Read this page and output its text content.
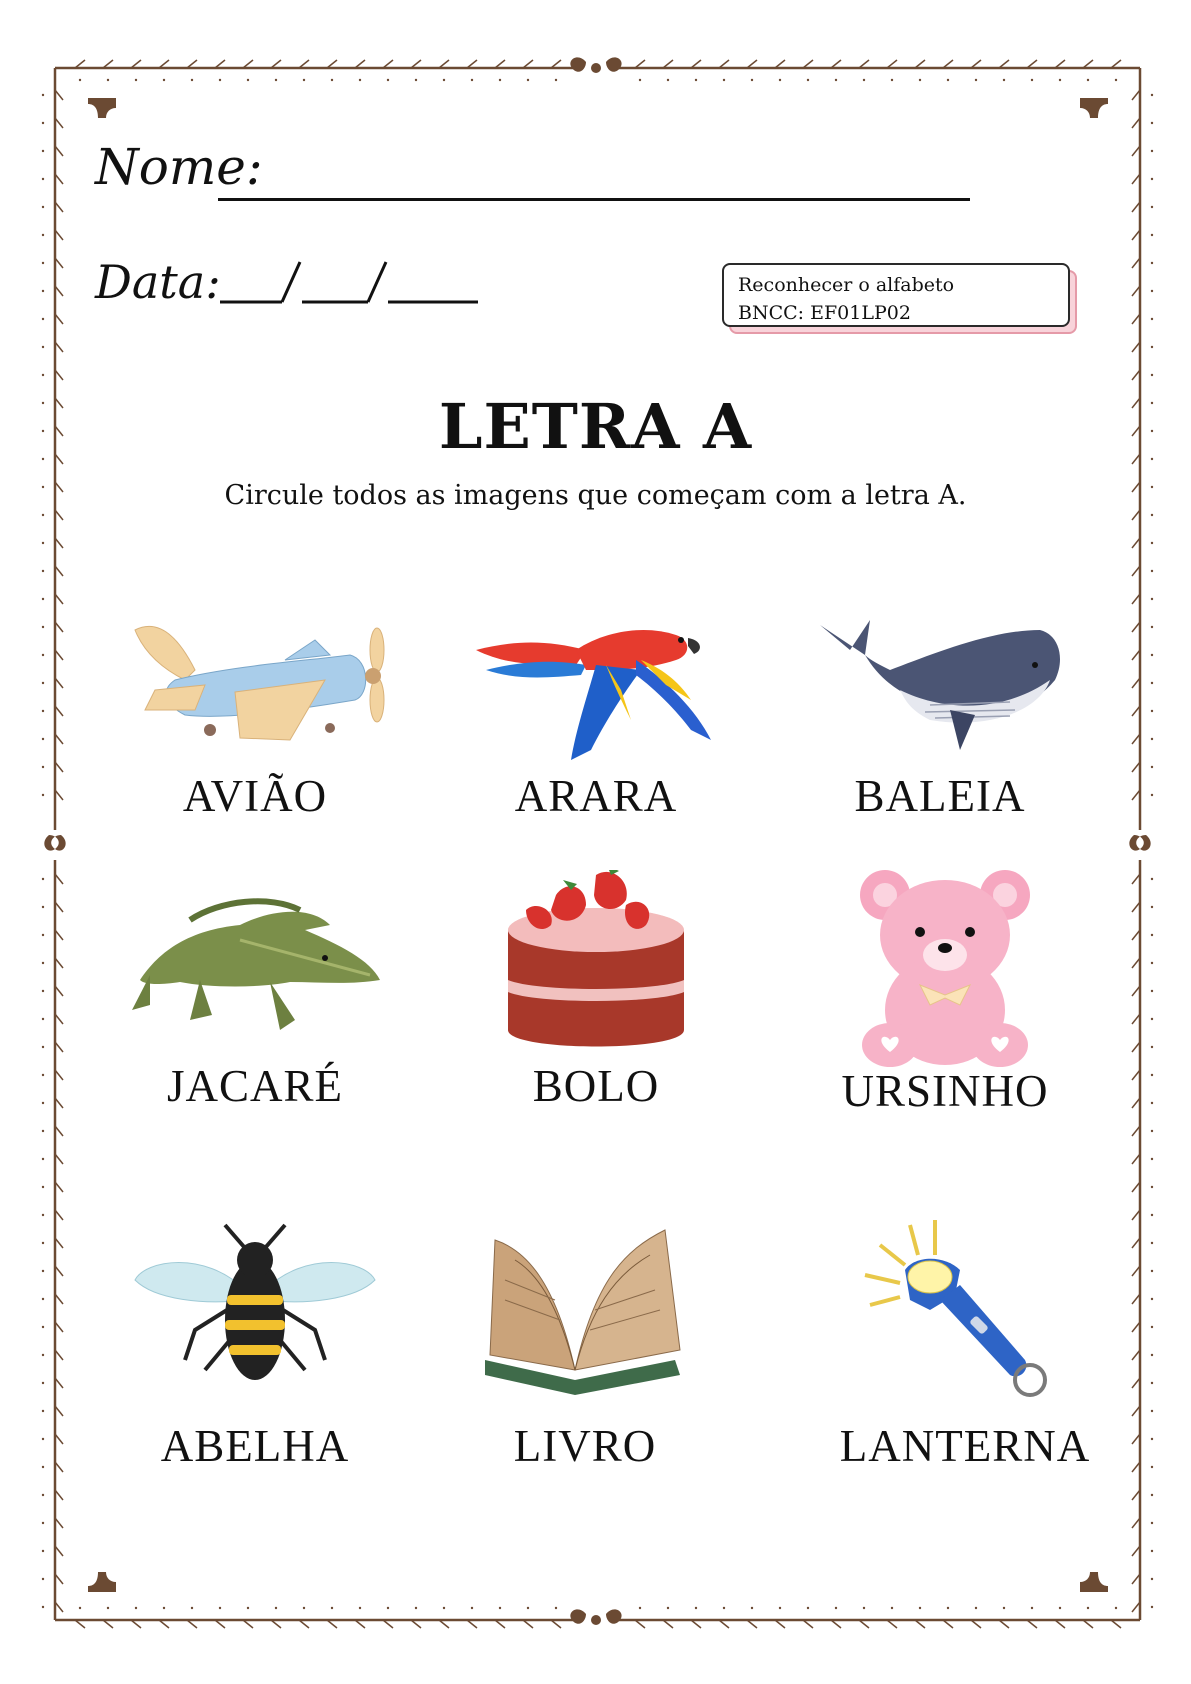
Nome:
Data:	Reconhecer o alfabeto
BNCC: EF01LP02
LETRA A
Circule todos as imagens que começam com a letra A.
AVIÃO	ARARA	BALEIA
JACARÉ	BOLO	URSINHO
ABELHA	LIVRO	LANTERNA
